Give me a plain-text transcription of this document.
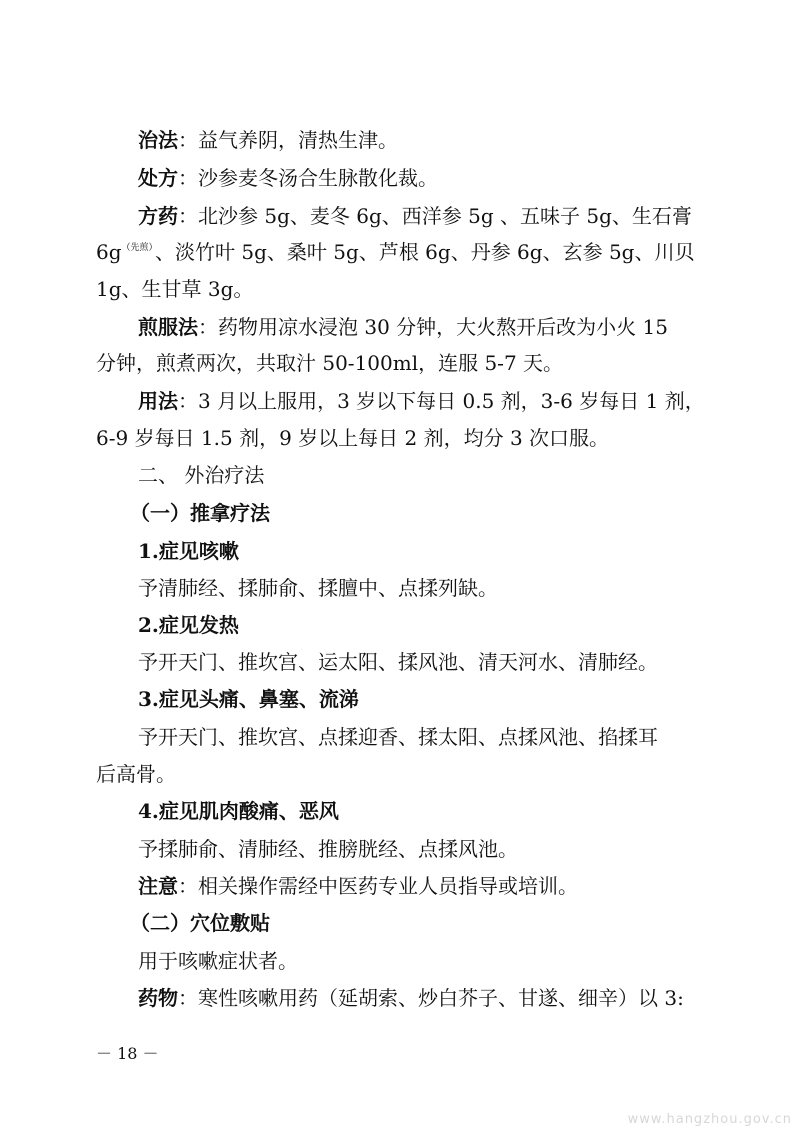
治法：益气养阴，清热生津。
处方：沙参麦冬汤合生脉散化裁。
方药：北沙参 5g、麦冬 6g、西洋参 5g 、五味子 5g、生石膏
$6g^{(先煎)}$ 、淡竹叶 5g、桑叶 5g、芦根 6g、丹参 6g、玄参 5g、川贝
1g、生甘草 3g。
煎服法：药物用凉水浸泡 30 分钟，大火熬开后改为小火 15
分钟，煎煮两次，共取汁 50-100ml，连服 5-7 天。
用法：3 月以上服用，3 岁以下每日 0.5 剂，3-6 岁每日 1 剂，
6-9 岁每日 1.5 剂，9 岁以上每日 2 剂，均分 3 次口服。
二、 外治疗法
（一）推拿疗法
1.症见咳嗽
予清肺经、揉肺俞、揉膻中、点揉列缺。
2.症见发热
予开天门、推坎宫、运太阳、揉风池、清天河水、清肺经。
3.症见头痛、鼻塞、流涕
予开天门、推坎宫、点揉迎香、揉太阳、点揉风池、掐揉耳
后高骨。
4.症见肌肉酸痛、恶风
予揉肺俞、清肺经、推膀胱经、点揉风池。
注意：相关操作需经中医药专业人员指导或培训。
（二）穴位敷贴
用于咳嗽症状者。
药物：寒性咳嗽用药（延胡索、炒白芥子、甘遂、细辛）以 3:
－ 18 －
www.hangzhou.gov.cn
